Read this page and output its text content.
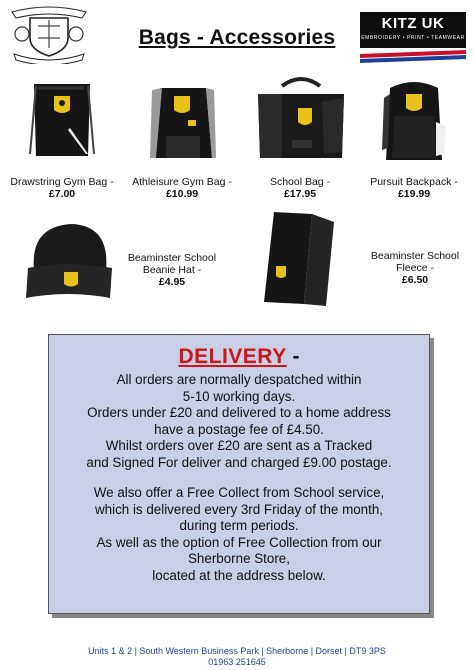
Bags - Accessories
KITZ UK
EMBROIDERY • PRINT • TEAMWEAR
Drawstring Gym Bag -
£7.00
Athleisure Gym Bag -
£10.99
School Bag -
£17.95
Pursuit Backpack -
£19.99
Beaminster School Beanie Hat -
£4.95
Beaminster School Fleece -
£6.50
DELIVERY -

All orders are normally despatched within

5-10 working days.

Orders under £20 and delivered to a home address

have a postage fee of £4.50.

Whilst orders over £20 are sent as a Tracked

and Signed For deliver and charged £9.00 postage.

We also offer a Free Collect from School service,

which is delivered every 3rd Friday of the month,

during term periods.

As well as the option of Free Collection from our

Sherborne Store,

located at the address below.

Units 1 & 2 | South Western Business Park | Sherborne | Dorset | DT9 3PS
01963 251645
